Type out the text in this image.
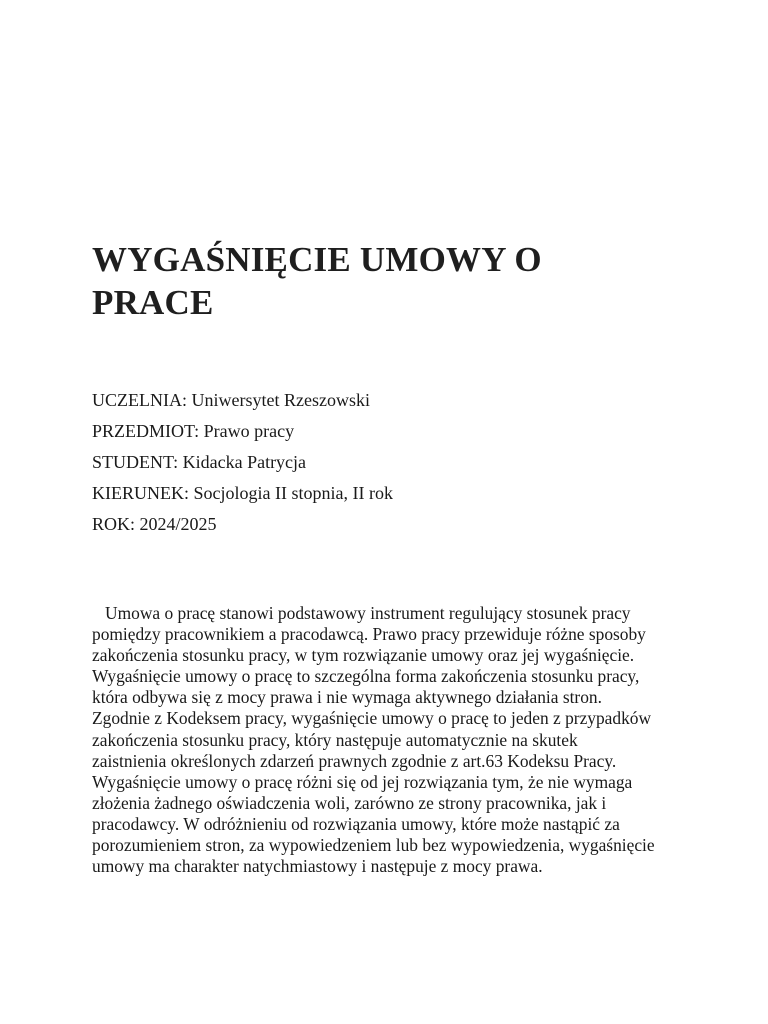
WYGAŚNIĘCIE UMOWY O
PRACE
UCZELNIA: Uniwersytet Rzeszowski
PRZEDMIOT: Prawo pracy
STUDENT: Kidacka Patrycja
KIERUNEK: Socjologia II stopnia, II rok
ROK: 2024/2025
Umowa o pracę stanowi podstawowy instrument regulujący stosunek pracy
pomiędzy pracownikiem a pracodawcą. Prawo pracy przewiduje różne sposoby
zakończenia stosunku pracy, w tym rozwiązanie umowy oraz jej wygaśnięcie.
Wygaśnięcie umowy o pracę to szczególna forma zakończenia stosunku pracy,
która odbywa się z mocy prawa i nie wymaga aktywnego działania stron.
Zgodnie z Kodeksem pracy, wygaśnięcie umowy o pracę to jeden z przypadków
zakończenia stosunku pracy, który następuje automatycznie na skutek
zaistnienia określonych zdarzeń prawnych zgodnie z art.63 Kodeksu Pracy.
Wygaśnięcie umowy o pracę różni się od jej rozwiązania tym, że nie wymaga
złożenia żadnego oświadczenia woli, zarówno ze strony pracownika, jak i
pracodawcy. W odróżnieniu od rozwiązania umowy, które może nastąpić za
porozumieniem stron, za wypowiedzeniem lub bez wypowiedzenia, wygaśnięcie
umowy ma charakter natychmiastowy i następuje z mocy prawa.
